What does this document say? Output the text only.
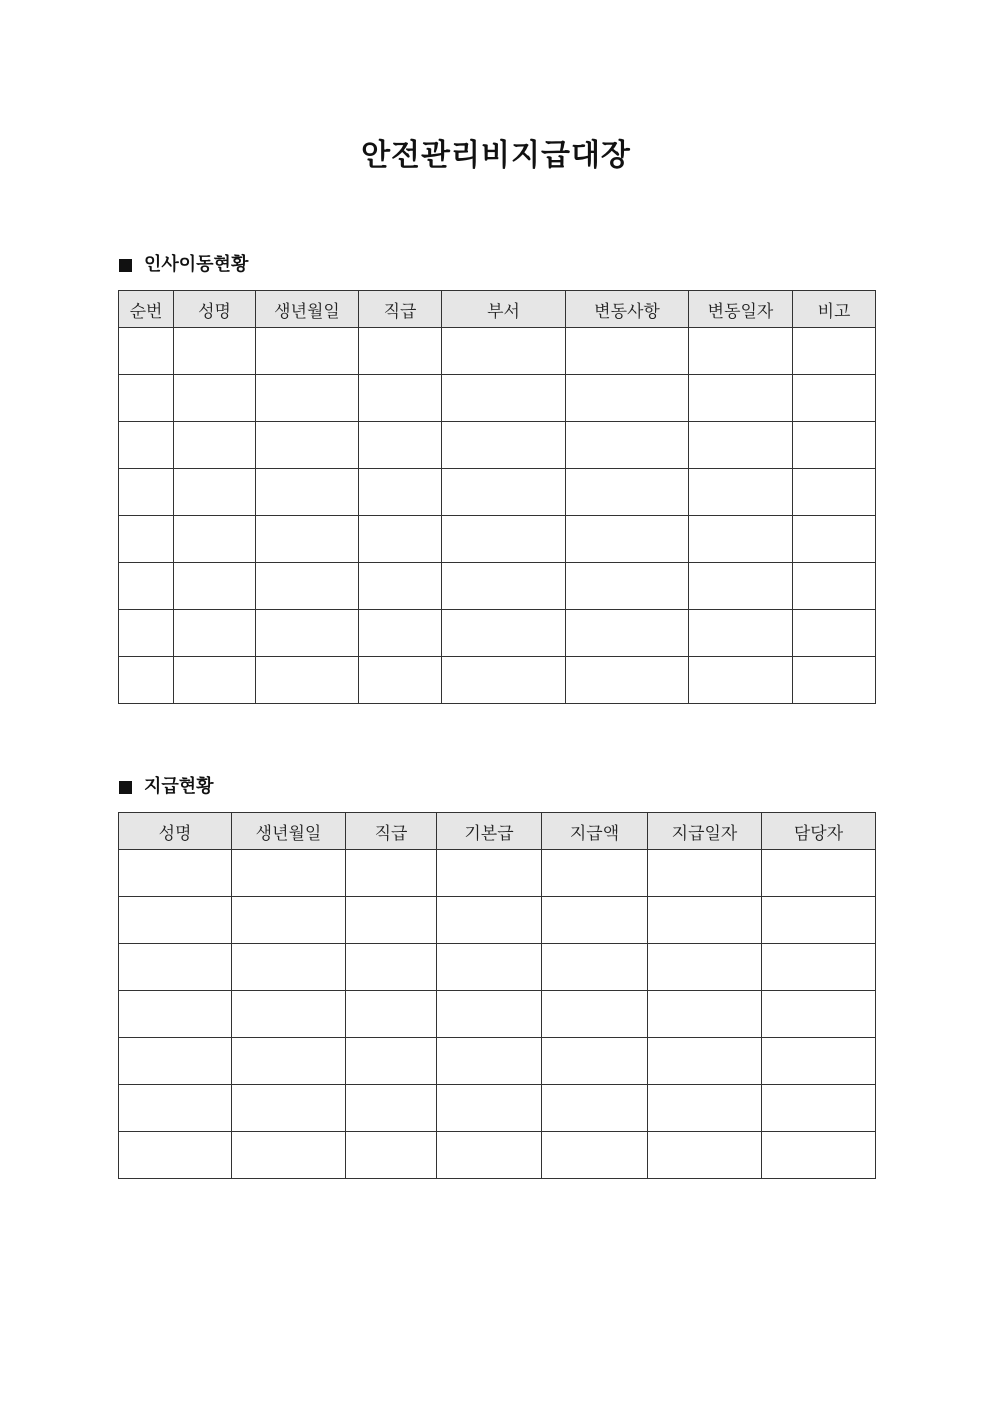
안전관리비지급대장
인사이동현황
순번	성명	생년월일	직급	부서	변동사항	변동일자	비고

지급현황
성명	생년월일	직급	기본급	지급액	지급일자	담당자
